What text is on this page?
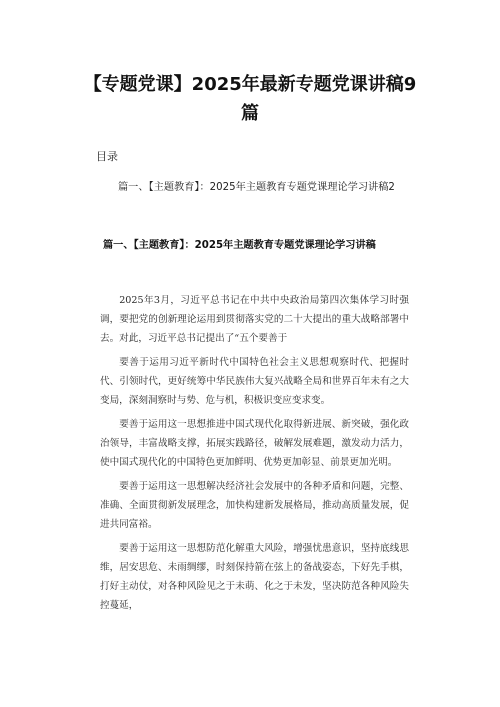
【专题党课】2025年最新专题党课讲稿9
篇
目录
篇一、【主题教育】：2025年主题教育专题党课理论学习讲稿2
篇一、【主题教育】：2025年主题教育专题党课理论学习讲稿

2025年3月，习近平总书记在中共中央政治局第四次集体学习时强调，要把党的创新理论运用到贯彻落实党的二十大提出的重大战略部署中去。对此，习近平总书记提出了“五个要善于

要善于运用习近平新时代中国特色社会主义思想观察时代、把握时代、引领时代，更好统筹中华民族伟大复兴战略全局和世界百年未有之大变局，深刻洞察时与势、危与机，积极识变应变求变。

要善于运用这一思想推进中国式现代化取得新进展、新突破，强化政治领导，丰富战略支撑，拓展实践路径，破解发展难题，激发动力活力，使中国式现代化的中国特色更加鲜明、优势更加彰显、前景更加光明。

要善于运用这一思想解决经济社会发展中的各种矛盾和问题，完整、准确、全面贯彻新发展理念，加快构建新发展格局，推动高质量发展，促进共同富裕。

要善于运用这一思想防范化解重大风险，增强忧患意识，坚持底线思维，居安思危、未雨绸缪，时刻保持箭在弦上的备战姿态，下好先手棋，打好主动仗，对各种风险见之于未萌、化之于未发，坚决防范各种风险失控蔓延，
